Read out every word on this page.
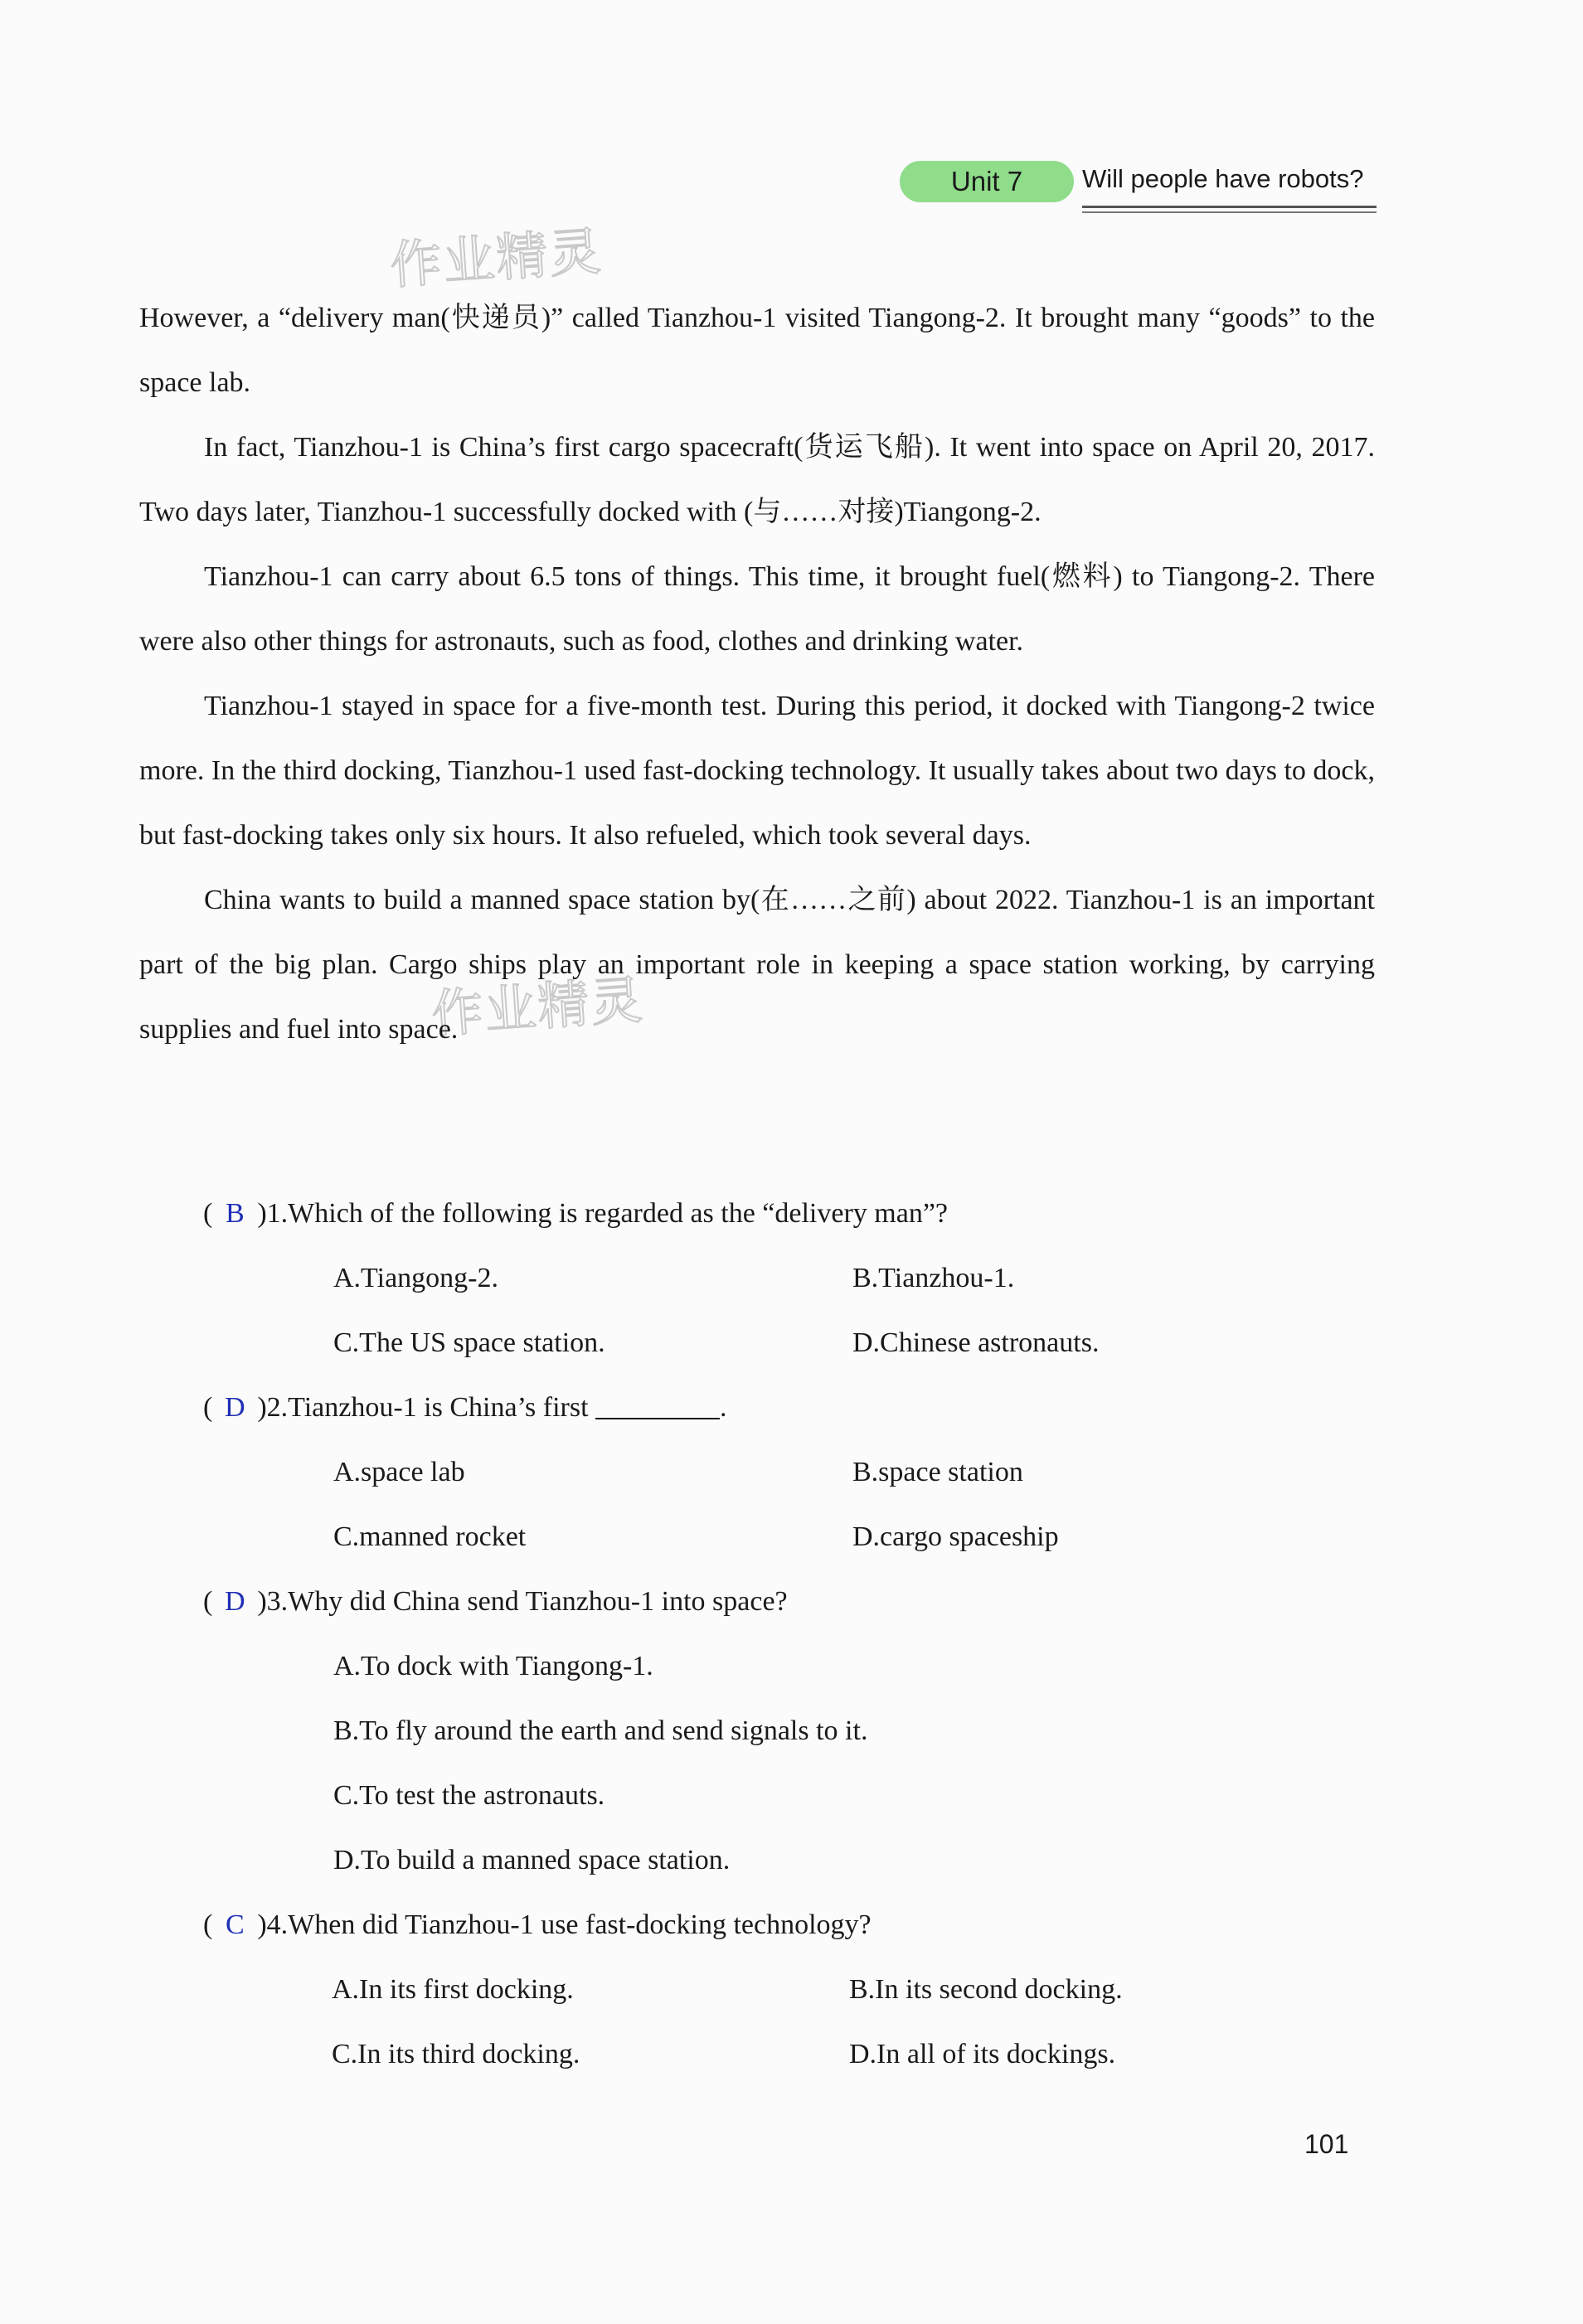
Unit 7	Will people have robots?
作业精灵
作业精灵

However, a “delivery man(快递员)” called Tianzhou-1 visited Tiangong-2. It brought many “goods” to the space lab.

In fact, Tianzhou-1 is China’s first cargo spacecraft(货运飞船). It went into space on April 20, 2017. Two days later, Tianzhou-1 successfully docked with (与……对接)Tiangong-2.

Tianzhou-1 can carry about 6.5 tons of things. This time, it brought fuel(燃料) to Tiangong-2. There were also other things for astronauts, such as food, clothes and drinking water.

Tianzhou-1 stayed in space for a five-month test. During this period, it docked with Tiangong-2 twice more. In the third docking, Tianzhou-1 used fast-docking technology. It usually takes about two days to dock, but fast-docking takes only six hours. It also refueled, which took several days.

China wants to build a manned space station by(在……之前) about 2022. Tianzhou-1 is an important part of the big plan. Cargo ships play an important role in keeping a space station working, by carrying supplies and fuel into space.

( B )1.Which of the following is regarded as the “delivery man”?
A.Tiangong-2.	B.Tianzhou-1.
C.The US space station.	D.Chinese astronauts.
( D )2.Tianzhou-1 is China’s first	.
A.space lab	B.space station
C.manned rocket	D.cargo spaceship
( D )3.Why did China send Tianzhou-1 into space?
A.To dock with Tiangong-1.
B.To fly around the earth and send signals to it.
C.To test the astronauts.
D.To build a manned space station.
( C )4.When did Tianzhou-1 use fast-docking technology?
A.In its first docking.	B.In its second docking.
C.In its third docking.	D.In all of its dockings.
101
